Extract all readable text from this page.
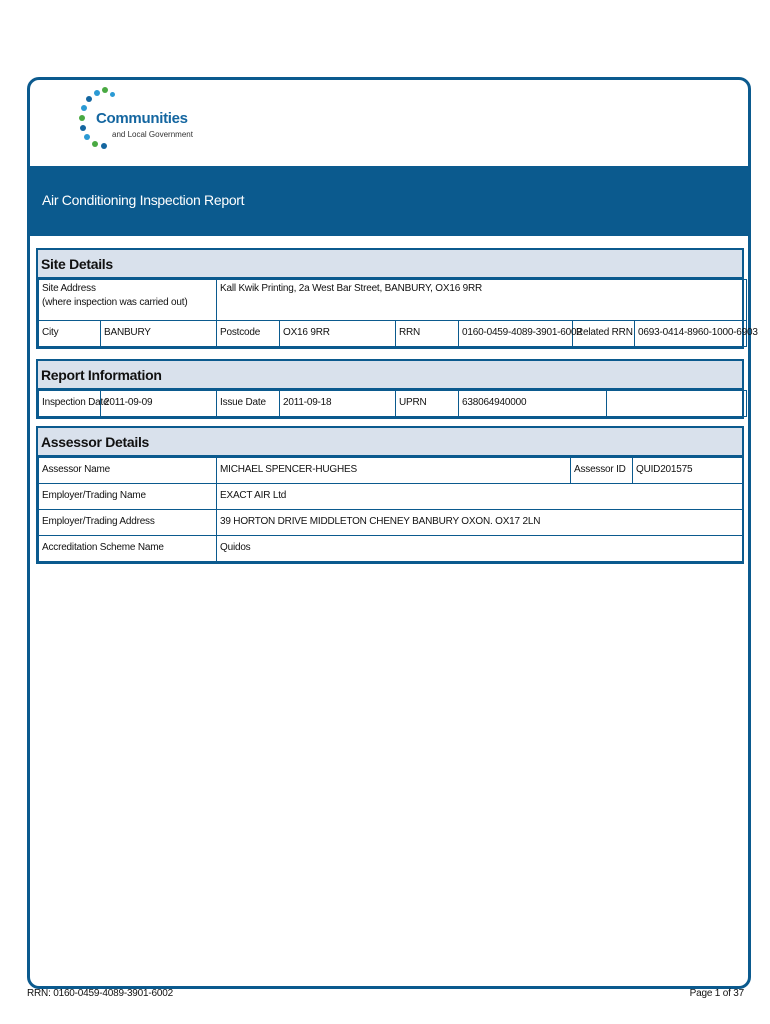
Communities
and Local Government
Air Conditioning Inspection Report
Site Details
Site Address
(where inspection was carried out)		Kall Kwik Printing, 2a West Bar Street, BANBURY, OX16 9RR					
City	BANBURY	Postcode	OX16 9RR	RRN	0160-0459-4089-3901-6002	Related RRN	0693-0414-8960-1000-6903
Report Information
Inspection Date	2011-09-09	Issue Date	2011-09-18	UPRN	638064940000	
Assessor Details
Assessor Name	MICHAEL SPENCER-HUGHES	Assessor ID	QUID201575
Employer/Trading Name	EXACT AIR Ltd		
Employer/Trading Address	39 HORTON DRIVE MIDDLETON CHENEY BANBURY OXON. OX17 2LN		
Accreditation Scheme Name	Quidos		
RRN: 0160-0459-4089-3901-6002	Page 1 of 37
